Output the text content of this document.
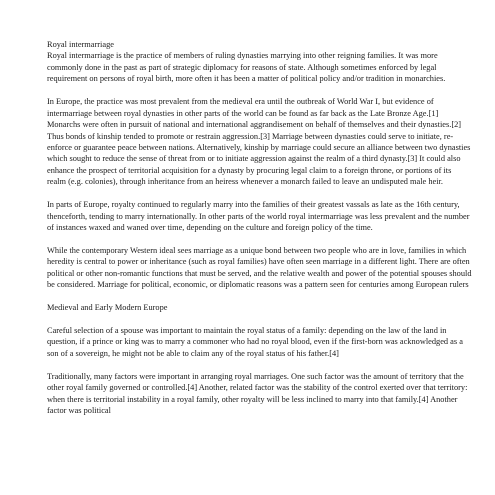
Royal intermarriage

Royal intermarriage is the practice of members of ruling dynasties marrying into other reigning families. It was more commonly done in the past as part of strategic diplomacy for reasons of state. Although sometimes enforced by legal requirement on persons of royal birth, more often it has been a matter of political policy and/or tradition in monarchies.

In Europe, the practice was most prevalent from the medieval era until the outbreak of World War I, but evidence of intermarriage between royal dynasties in other parts of the world can be found as far back as the Late Bronze Age.[1] Monarchs were often in pursuit of national and international aggrandisement on behalf of themselves and their dynasties.[2] Thus bonds of kinship tended to promote or restrain aggression.[3] Marriage between dynasties could serve to initiate, re-enforce or guarantee peace between nations. Alternatively, kinship by marriage could secure an alliance between two dynasties which sought to reduce the sense of threat from or to initiate aggression against the realm of a third dynasty.[3] It could also enhance the prospect of territorial acquisition for a dynasty by procuring legal claim to a foreign throne, or portions of its realm (e.g. colonies), through inheritance from an heiress whenever a monarch failed to leave an undisputed male heir.

In parts of Europe, royalty continued to regularly marry into the families of their greatest vassals as late as the 16th century, thenceforth, tending to marry internationally. In other parts of the world royal intermarriage was less prevalent and the number of instances waxed and waned over time, depending on the culture and foreign policy of the time.

While the contemporary Western ideal sees marriage as a unique bond between two people who are in love, families in which heredity is central to power or inheritance (such as royal families) have often seen marriage in a different light. There are often political or other non-romantic functions that must be served, and the relative wealth and power of the potential spouses should be considered. Marriage for political, economic, or diplomatic reasons was a pattern seen for centuries among European rulers

Medieval and Early Modern Europe

Careful selection of a spouse was important to maintain the royal status of a family: depending on the law of the land in question, if a prince or king was to marry a commoner who had no royal blood, even if the first-born was acknowledged as a son of a sovereign, he might not be able to claim any of the royal status of his father.[4]

Traditionally, many factors were important in arranging royal marriages. One such factor was the amount of territory that the other royal family governed or controlled.[4] Another, related factor was the stability of the control exerted over that territory: when there is territorial instability in a royal family, other royalty will be less inclined to marry into that family.[4] Another factor was political
